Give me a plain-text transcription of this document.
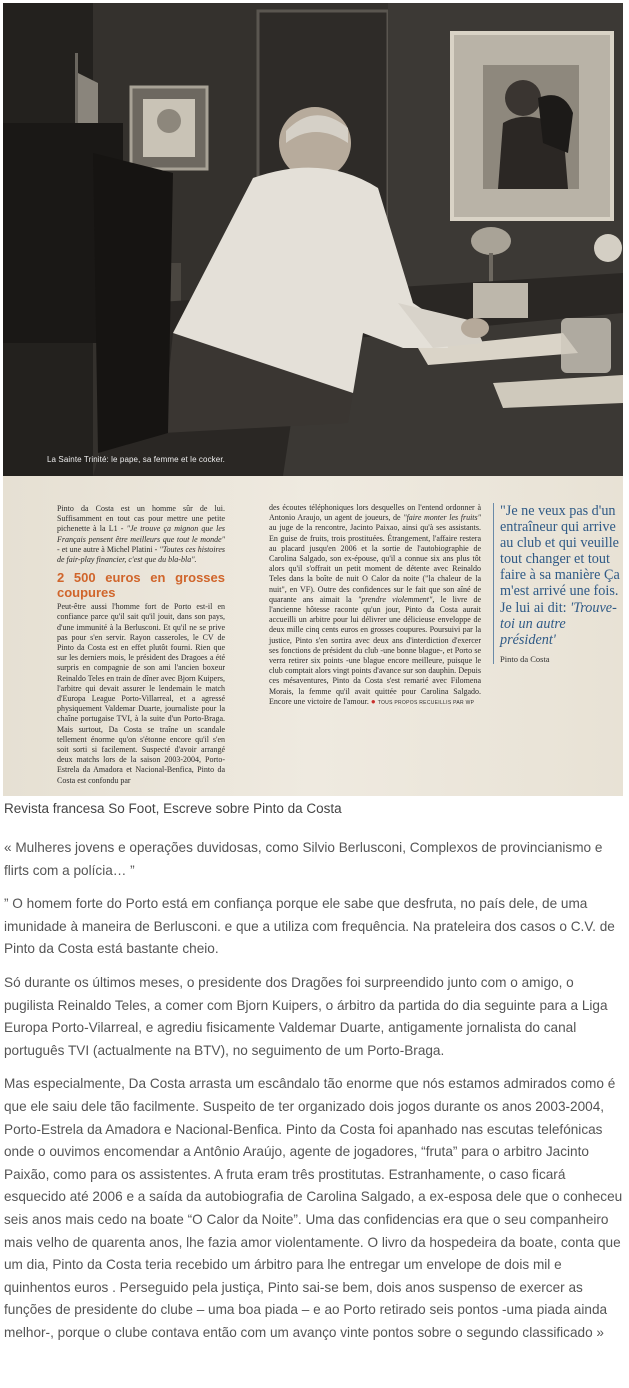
La Sainte Trinité: le pape, sa femme et le cocker.
Pinto da Costa est un homme sûr de lui. Suffisamment en tout cas pour mettre une petite pichenette à la L1 - "Je trouve ça mignon que les Français pensent être meilleurs que tout le monde" - et une autre à Michel Platini - "Toutes ces histoires de fair-play financier, c'est que du bla-bla".
2 500 euros en grosses coupures
Peut-être aussi l'homme fort de Porto est-il en confiance parce qu'il sait qu'il jouit, dans son pays, d'une immunité à la Berlusconi. Et qu'il ne se prive pas pour s'en servir. Rayon casseroles, le CV de Pinto da Costa est en effet plutôt fourni. Rien que sur les derniers mois, le président des Dragoes a été surpris en compagnie de son ami l'ancien boxeur Reinaldo Teles en train de dîner avec Bjorn Kuipers, l'arbitre qui devait assurer le lendemain le match d'Europa League Porto-Villarreal, et a agressé physiquement Valdemar Duarte, journaliste pour la chaîne portugaise TVI, à la suite d'un Porto-Braga. Mais surtout, Da Costa se traîne un scandale tellement énorme qu'on s'étonne encore qu'il s'en soit sorti si facilement. Suspecté d'avoir arrangé deux matchs lors de la saison 2003-2004, Porto-Estrela da Amadora et Nacional-Benfica, Pinto da Costa est confondu par
des écoutes téléphoniques lors desquelles on l'entend ordonner à Antonio Araujo, un agent de joueurs, de "faire monter les fruits" au juge de la rencontre, Jacinto Paixao, ainsi qu'à ses assistants. En guise de fruits, trois prostituées. Étrangement, l'affaire restera au placard jusqu'en 2006 et la sortie de l'autobiographie de Carolina Salgado, son ex-épouse, qu'il a connue six ans plus tôt alors qu'il s'offrait un petit moment de détente avec Reinaldo Teles dans la boîte de nuit O Calor da noite ("la chaleur de la nuit", en VF). Outre des confidences sur le fait que son aîné de quarante ans aimait la "prendre violemment", le livre de l'ancienne hôtesse raconte qu'un jour, Pinto da Costa aurait accueilli un arbitre pour lui délivrer une délicieuse enveloppe de deux mille cinq cents euros en grosses coupures. Poursuivi par la justice, Pinto s'en sortira avec deux ans d'interdiction d'exercer ses fonctions de président du club -une bonne blague-, et Porto se verra retirer six points -une blague encore meilleure, puisque le club comptait alors vingt points d'avance sur son dauphin. Depuis ces mésaventures, Pinto da Costa s'est remarié avec Filomena Morais, la femme qu'il avait quittée pour Carolina Salgado. Encore une victoire de l'amour. ● TOUS PROPOS RECUEILLIS PAR WP
"Je ne veux pas d'un entraîneur qui arrive au club et qui veuille tout changer et tout faire à sa manière Ça m'est arrivé une fois. Je lui ai dit: 'Trouve-toi un autre président'
Pinto da Costa
Revista francesa So Foot, Escreve sobre Pinto da Costa

« Mulheres jovens e operações duvidosas, como Silvio Berlusconi, Complexos de provincianismo e flirts com a polícia… ”

” O homem forte do Porto está em confiança porque ele sabe que desfruta, no país dele, de uma imunidade à maneira de Berlusconi. e que a utiliza com frequência. Na prateleira dos casos o C.V. de Pinto da Costa está bastante cheio.

Só durante os últimos meses, o presidente dos Dragões foi surpreendido junto com o amigo, o pugilista Reinaldo Teles, a comer com Bjorn Kuipers, o árbitro da partida do dia seguinte para a Liga Europa Porto-Vilarreal, e agrediu fisicamente Valdemar Duarte, antigamente jornalista do canal português TVI (actualmente na BTV), no seguimento de um Porto-Braga.

Mas especialmente, Da Costa arrasta um escândalo tão enorme que nós estamos admirados como é que ele saiu dele tão facilmente. Suspeito de ter organizado dois jogos durante os anos 2003-2004, Porto-Estrela da Amadora e Nacional-Benfica. Pinto da Costa foi apanhado nas escutas telefónicas onde o ouvimos encomendar a Antônio Araújo, agente de jogadores, “fruta” para o arbitro Jacinto Paixão, como para os assistentes. A fruta eram três prostitutas. Estranhamente, o caso ficará esquecido até 2006 e a saída da autobiografia de Carolina Salgado, a ex-esposa dele que o conheceu seis anos mais cedo na boate “O Calor da Noite”. Uma das confidencias era que o seu companheiro mais velho de quarenta anos, lhe fazia amor violentamente. O livro da hospedeira da boate, conta que um dia, Pinto da Costa teria recebido um árbitro para lhe entregar um envelope de dois mil e quinhentos euros . Perseguido pela justiça, Pinto sai-se bem, dois anos suspenso de exercer as funções de presidente do clube – uma boa piada – e ao Porto retirado seis pontos -uma piada ainda melhor-, porque o clube contava então com um avanço vinte pontos sobre o segundo classificado »
